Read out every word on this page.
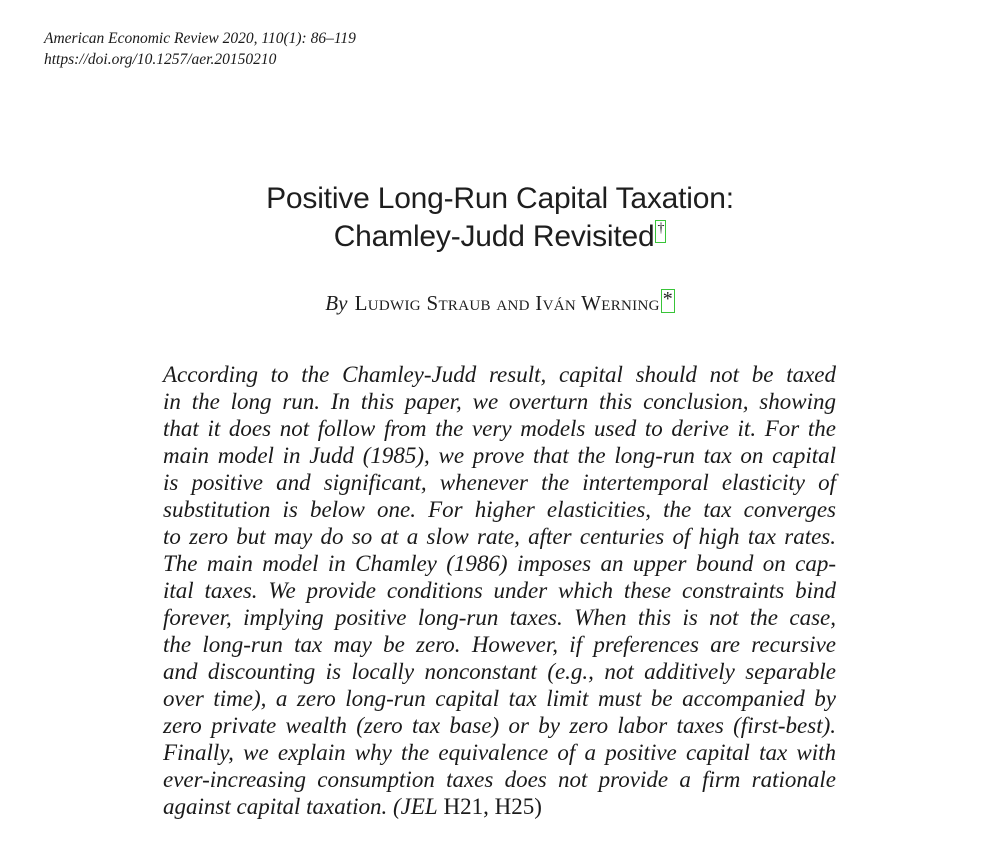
American Economic Review 2020, 110(1): 86–119
https://doi.org/10.1257/aer.20150210
Positive Long-Run Capital Taxation:
Chamley-Judd Revisited †
By Ludwig Straub and Iván Werning *
According to the Chamley-Judd result, capital should not be taxed
in the long run. In this paper, we overturn this conclusion, showing
that it does not follow from the very models used to derive it. For the
main model in Judd (1985), we prove that the long-run tax on capital
is positive and significant, whenever the intertemporal elasticity of
substitution is below one. For higher elasticities, the tax converges
to zero but may do so at a slow rate, after centuries of high tax rates.
The main model in Chamley (1986) imposes an upper bound on cap-
ital taxes. We provide conditions under which these constraints bind
forever, implying positive long-run taxes. When this is not the case,
the long-run tax may be zero. However, if preferences are recursive
and discounting is locally nonconstant (e.g., not additively separable
over time), a zero long-run capital tax limit must be accompanied by
zero private wealth (zero tax base) or by zero labor taxes (first-best).
Finally, we explain why the equivalence of a positive capital tax with
ever-increasing consumption taxes does not provide a firm rationale
against capital taxation. (JEL H21, H25)
